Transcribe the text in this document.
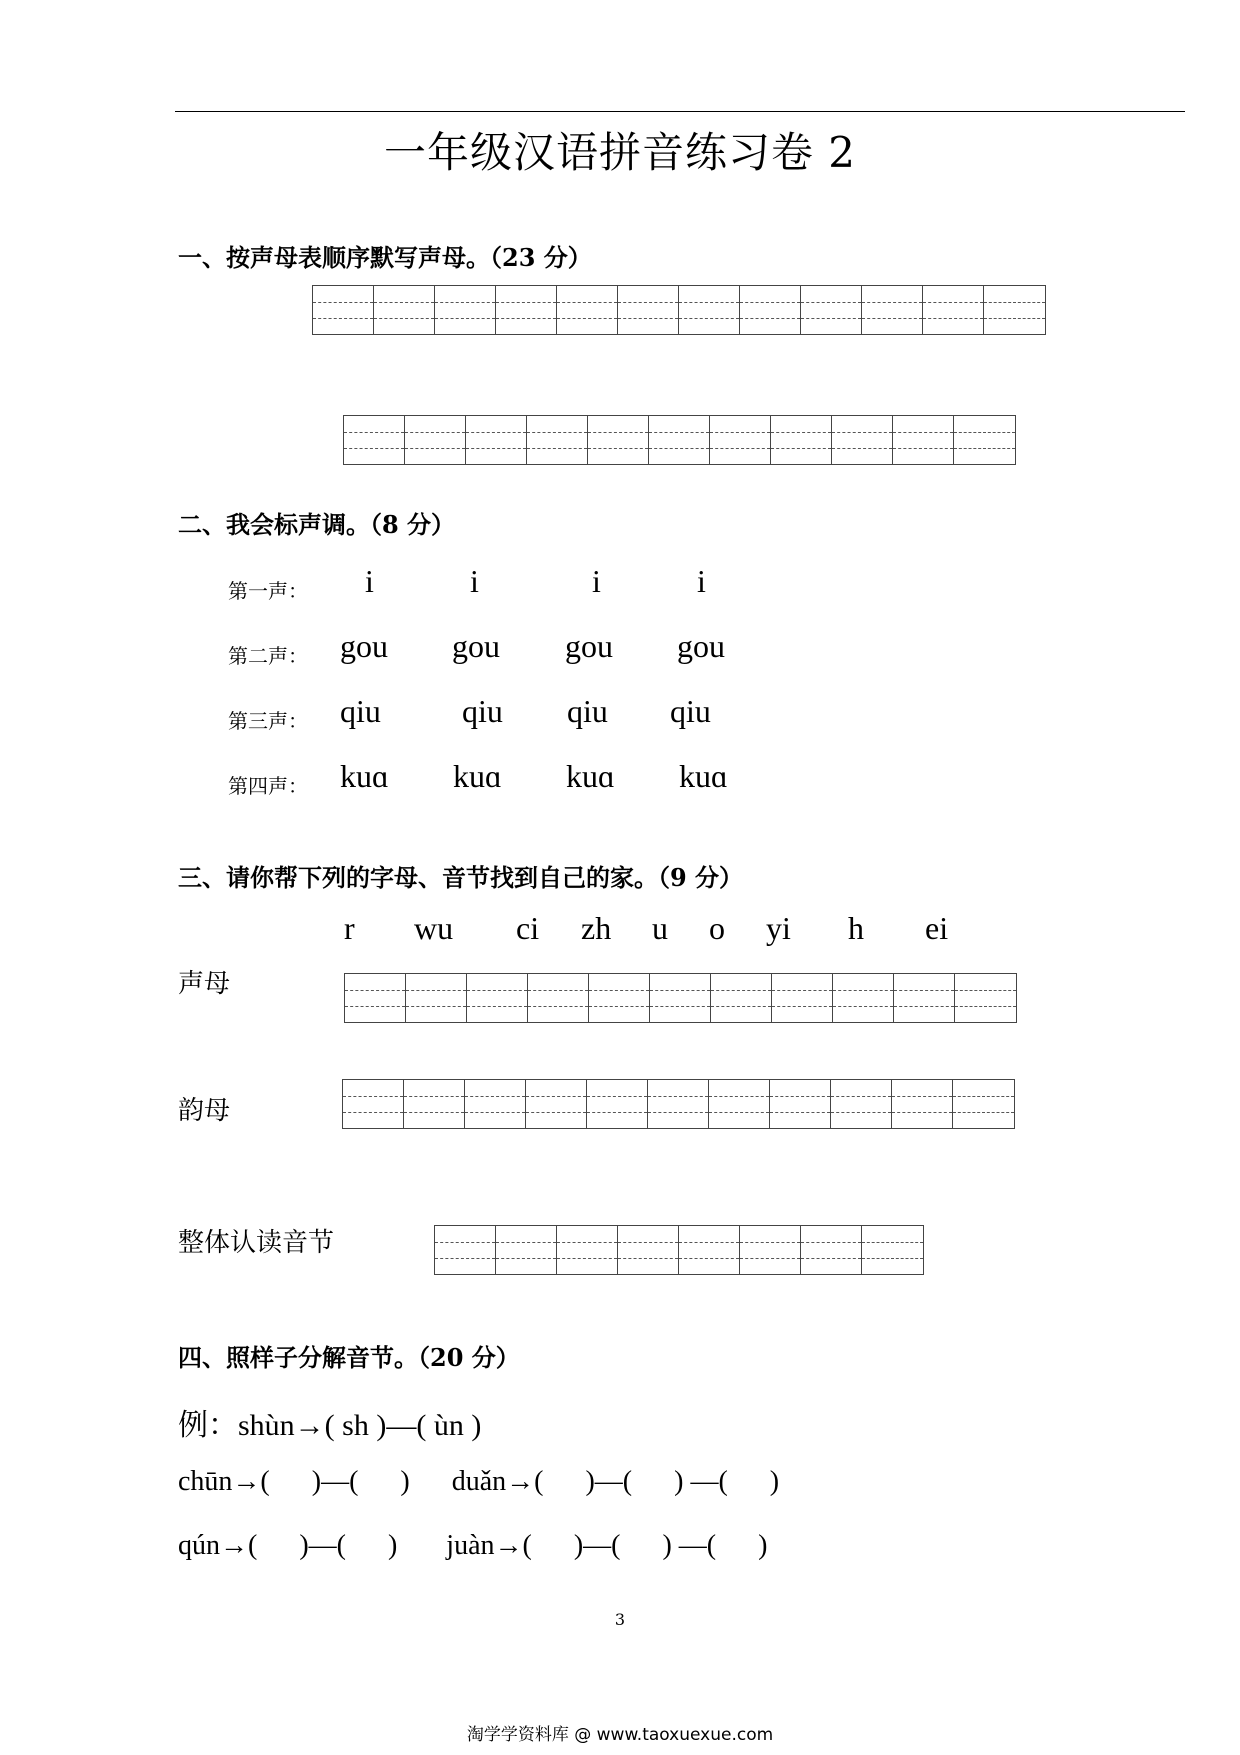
一年级汉语拼音练习卷 2
一、按声母表顺序默写声母。（23 分）
二、我会标声调。（8 分）
第一声： i	i	i	i
第二声： gou gou gou gou
第三声： qiu	qiu qiu qiu
第四声： kuɑ kuɑ kuɑ kuɑ
三、请你帮下列的字母、音节找到自己的家。（9 分）
r wu ci zh u o yi h ei
声母
韵母
整体认读音节
四、照样子分解音节。（20 分）
例：shùn→( sh )—( ùn )
chūn→(      )—(      )      duǎn→(      )—(      ) —(      )
qún→(      )—(      )       juàn→(      )—(      ) —(      )
3
淘学学资料库 @ www.taoxuexue.com
